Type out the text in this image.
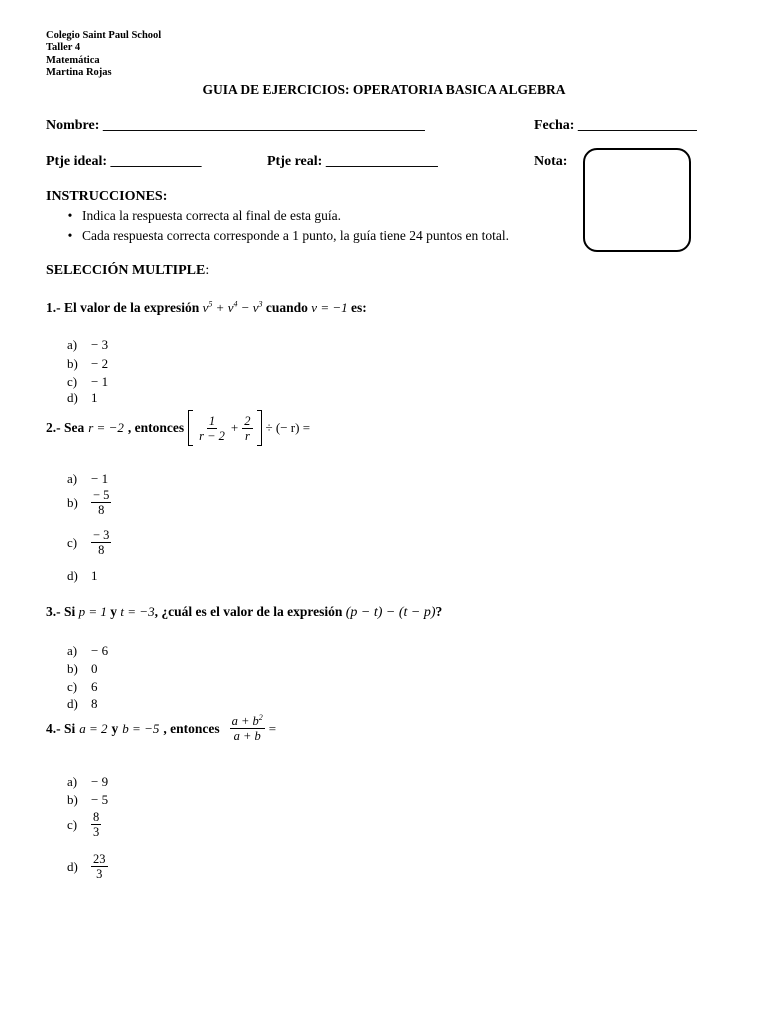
Colegio Saint Paul School
Taller 4
Matemática
Martina Rojas
GUIA DE EJERCICIOS: OPERATORIA BASICA ALGEBRA
Nombre: ______________________________________________	Fecha: _________________
Ptje ideal: _____________	Ptje real: ________________	Nota:
INSTRUCCIONES:
• Indica la respuesta correcta al final de esta guía.
• Cada respuesta correcta corresponde a 1 punto, la guía tiene 24 puntos en total.
SELECCIÓN MULTIPLE:
1.- El valor de la expresión $v^5 + v^4 - v^3$ cuando v = −1 es:
a) − 3
b) − 2
c) − 1
d) 1
2.- Sea r = −2 , entonces $\frac{1}{r - 2} + \frac{2}{r}$ ÷ (− r) =
a) − 1
b)	$\frac{- 5}{8}$
c)	$\frac{- 3}{8}$
d) 1
3.- Si p = 1 y t = −3, ¿cuál es el valor de la expresión (p − t) − (t − p)?
a) − 6
b) 0
c) 6
d) 8
4.- Si a = 2 y b = −5 , entonces $\frac{a + b^2}{a + b}$ =
a) − 9
b) − 5
c)	$\frac{8}{3}$
d)	$\frac{23}{3}$
